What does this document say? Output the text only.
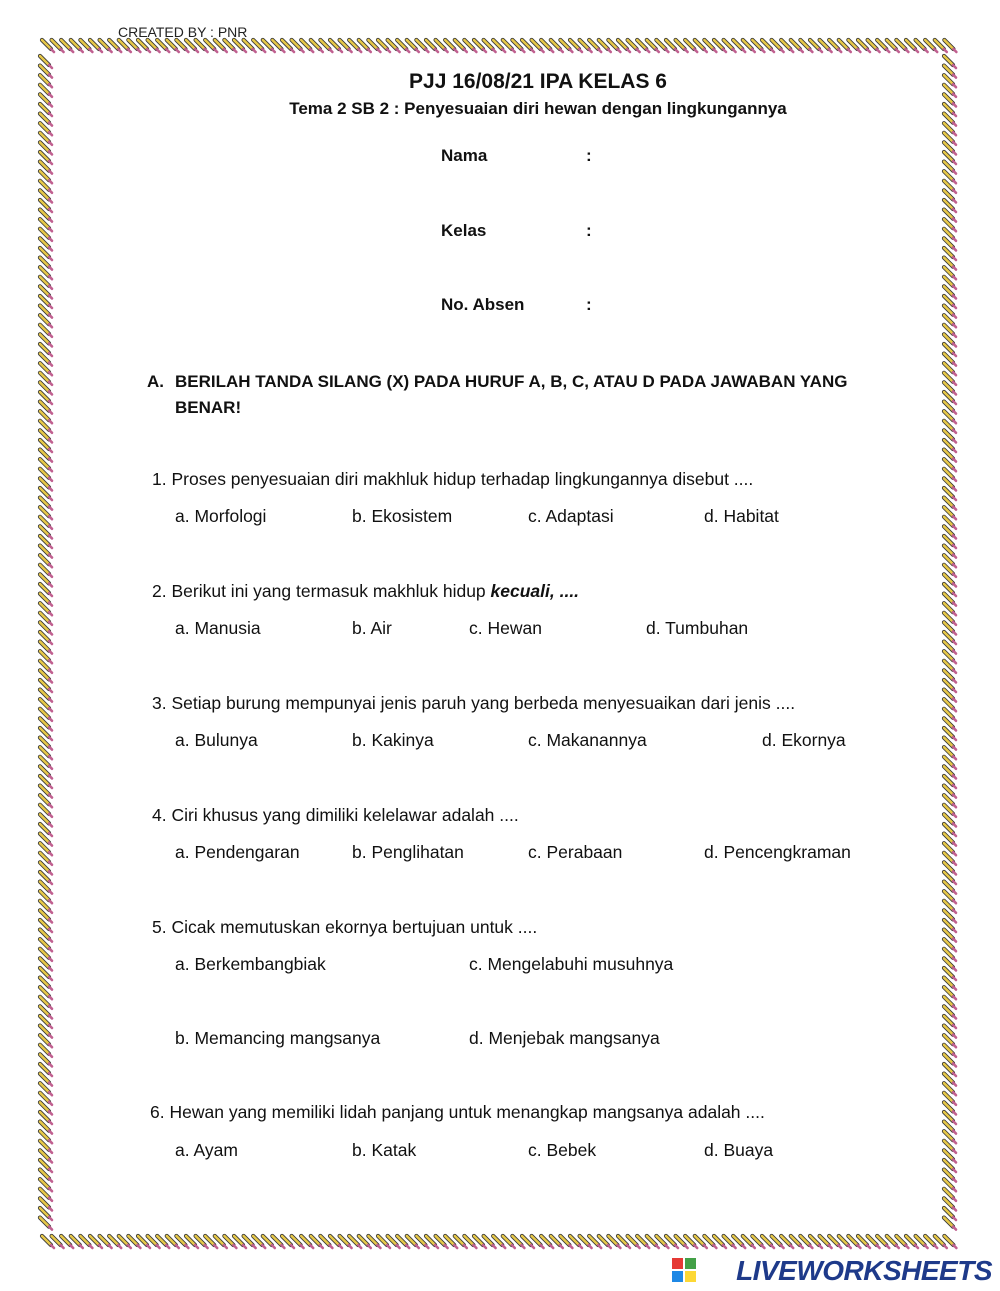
CREATED BY : PNR
PJJ 16/08/21 IPA KELAS 6
Tema 2 SB 2 : Penyesuaian diri hewan dengan lingkungannya
Nama	:
Kelas	:
No. Absen	:
A. BERILAH TANDA SILANG (X) PADA HURUF A, B, C, ATAU D PADA JAWABAN YANG BENAR!
1. Proses penyesuaian diri makhluk hidup terhadap lingkungannya disebut ....
a. Morfologi	b. Ekosistem	c. Adaptasi	d. Habitat
2. Berikut ini yang termasuk makhluk hidup kecuali, ....
a. Manusia	b. Air	c. Hewan	d. Tumbuhan
3. Setiap burung mempunyai jenis paruh yang berbeda menyesuaikan dari jenis ....
a. Bulunya	b. Kakinya	c. Makanannya	d. Ekornya
4. Ciri khusus yang dimiliki kelelawar adalah ....
a. Pendengaran	b. Penglihatan	c. Perabaan	d. Pencengkraman
5. Cicak memutuskan ekornya bertujuan untuk ....
a. Berkembangbiak	c. Mengelabuhi musuhnya
b. Memancing mangsanya	d. Menjebak mangsanya
6. Hewan yang memiliki lidah panjang untuk menangkap mangsanya adalah ....
a. Ayam	b. Katak	c. Bebek	d. Buaya
LIVEWORKSHEETS
